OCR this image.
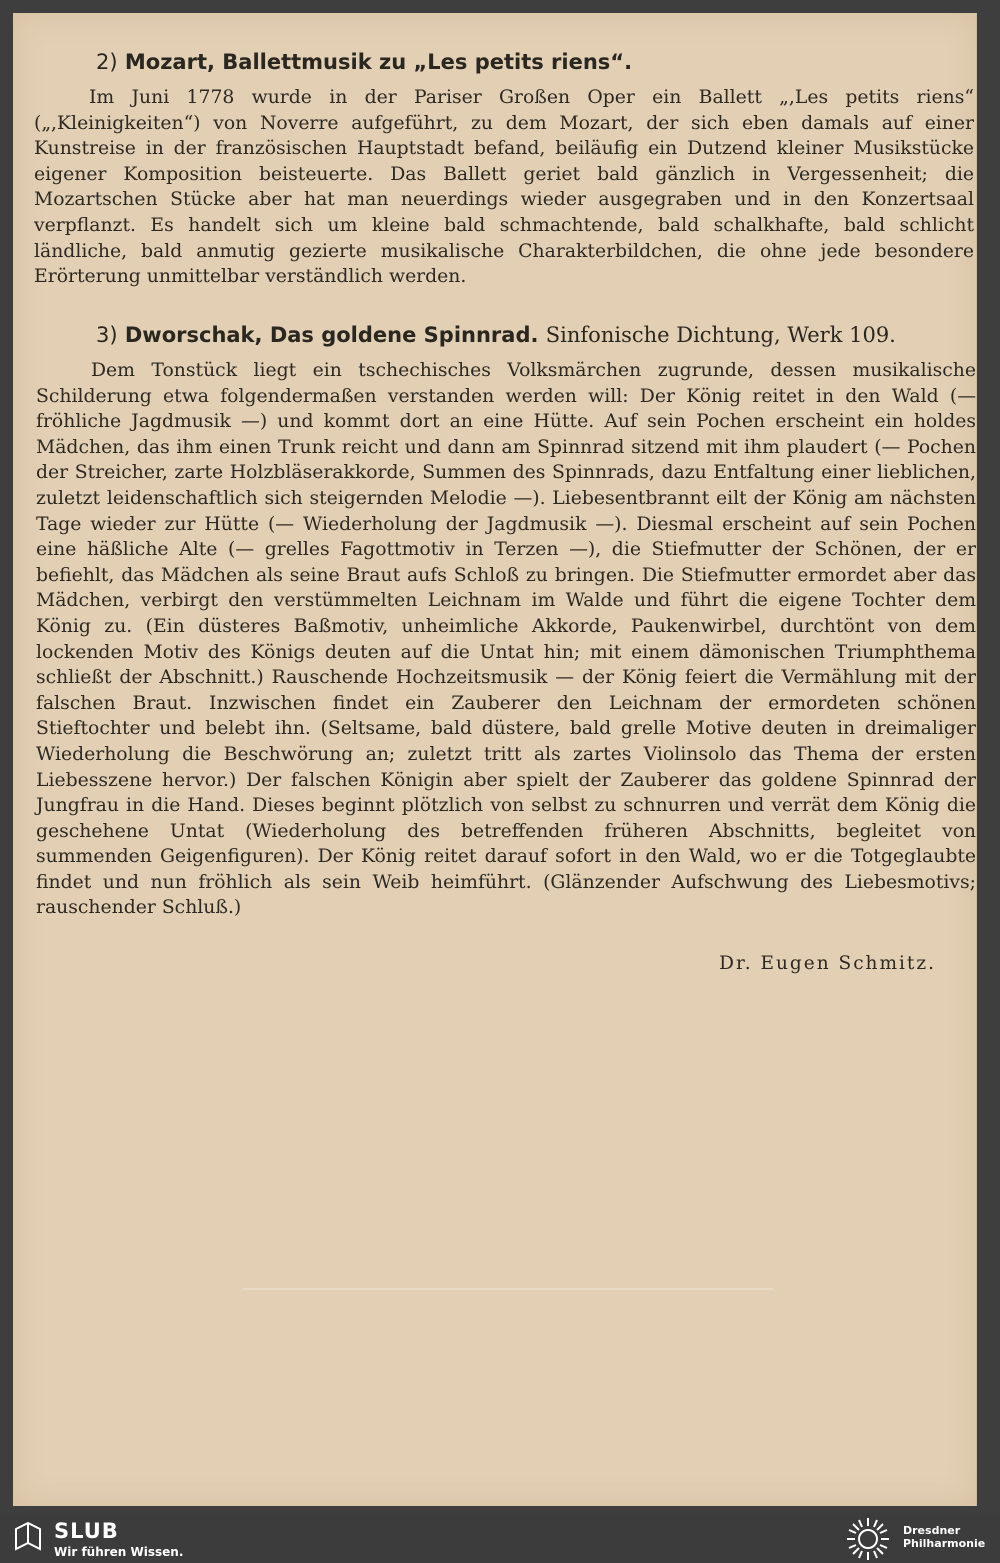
2) Mozart, Ballettmusik zu „Les petits riens“.

Im Juni 1778 wurde in der Pariser Großen Oper ein Ballett „,Les petits riens“ („,Kleinigkeiten“) von Noverre aufgeführt, zu dem Mozart, der sich eben damals auf einer Kunstreise in der französischen Hauptstadt befand, beiläufig ein Dutzend kleiner Musikstücke eigener Komposition beisteuerte. Das Ballett geriet bald gänzlich in Vergessenheit; die Mozartschen Stücke aber hat man neuerdings wieder ausgegraben und in den Konzertsaal verpflanzt. Es handelt sich um kleine bald schmachtende, bald schalkhafte, bald schlicht ländliche, bald anmutig gezierte musikalische Charakterbildchen, die ohne jede besondere Erörterung unmittelbar verständlich werden.

3) Dworschak, Das goldene Spinnrad. Sinfonische Dichtung, Werk 109.

Dem Tonstück liegt ein tschechisches Volksmärchen zugrunde, dessen musikalische Schilderung etwa folgendermaßen verstanden werden will: Der König reitet in den Wald (— fröhliche Jagdmusik —) und kommt dort an eine Hütte. Auf sein Pochen erscheint ein holdes Mädchen, das ihm einen Trunk reicht und dann am Spinnrad sitzend mit ihm plaudert (— Pochen der Streicher, zarte Holzbläserakkorde, Summen des Spinnrads, dazu Entfaltung einer lieblichen, zuletzt leidenschaftlich sich steigernden Melodie —). Liebesentbrannt eilt der König am nächsten Tage wieder zur Hütte (— Wiederholung der Jagdmusik —). Diesmal erscheint auf sein Pochen eine häßliche Alte (— grelles Fagottmotiv in Terzen —), die Stiefmutter der Schönen, der er befiehlt, das Mädchen als seine Braut aufs Schloß zu bringen. Die Stiefmutter ermordet aber das Mädchen, verbirgt den verstümmelten Leichnam im Walde und führt die eigene Tochter dem König zu. (Ein düsteres Baßmotiv, unheimliche Akkorde, Paukenwirbel, durchtönt von dem lockenden Motiv des Königs deuten auf die Untat hin; mit einem dämonischen Triumphthema schließt der Abschnitt.) Rauschende Hochzeitsmusik — der König feiert die Vermählung mit der falschen Braut. Inzwischen findet ein Zauberer den Leichnam der ermordeten schönen Stieftochter und belebt ihn. (Seltsame, bald düstere, bald grelle Motive deuten in dreimaliger Wiederholung die Beschwörung an; zuletzt tritt als zartes Violinsolo das Thema der ersten Liebesszene hervor.) Der falschen Königin aber spielt der Zauberer das goldene Spinnrad der Jungfrau in die Hand. Dieses beginnt plötzlich von selbst zu schnurren und verrät dem König die geschehene Untat (Wiederholung des betreffenden früheren Abschnitts, begleitet von summenden Geigenfiguren). Der König reitet darauf sofort in den Wald, wo er die Totgeglaubte findet und nun fröhlich als sein Weib heimführt. (Glänzender Aufschwung des Liebesmotivs; rauschender Schluß.)

Dr. Eugen Schmitz.

SLUB
Wir führen Wissen.
Dresdner
Philharmonie
